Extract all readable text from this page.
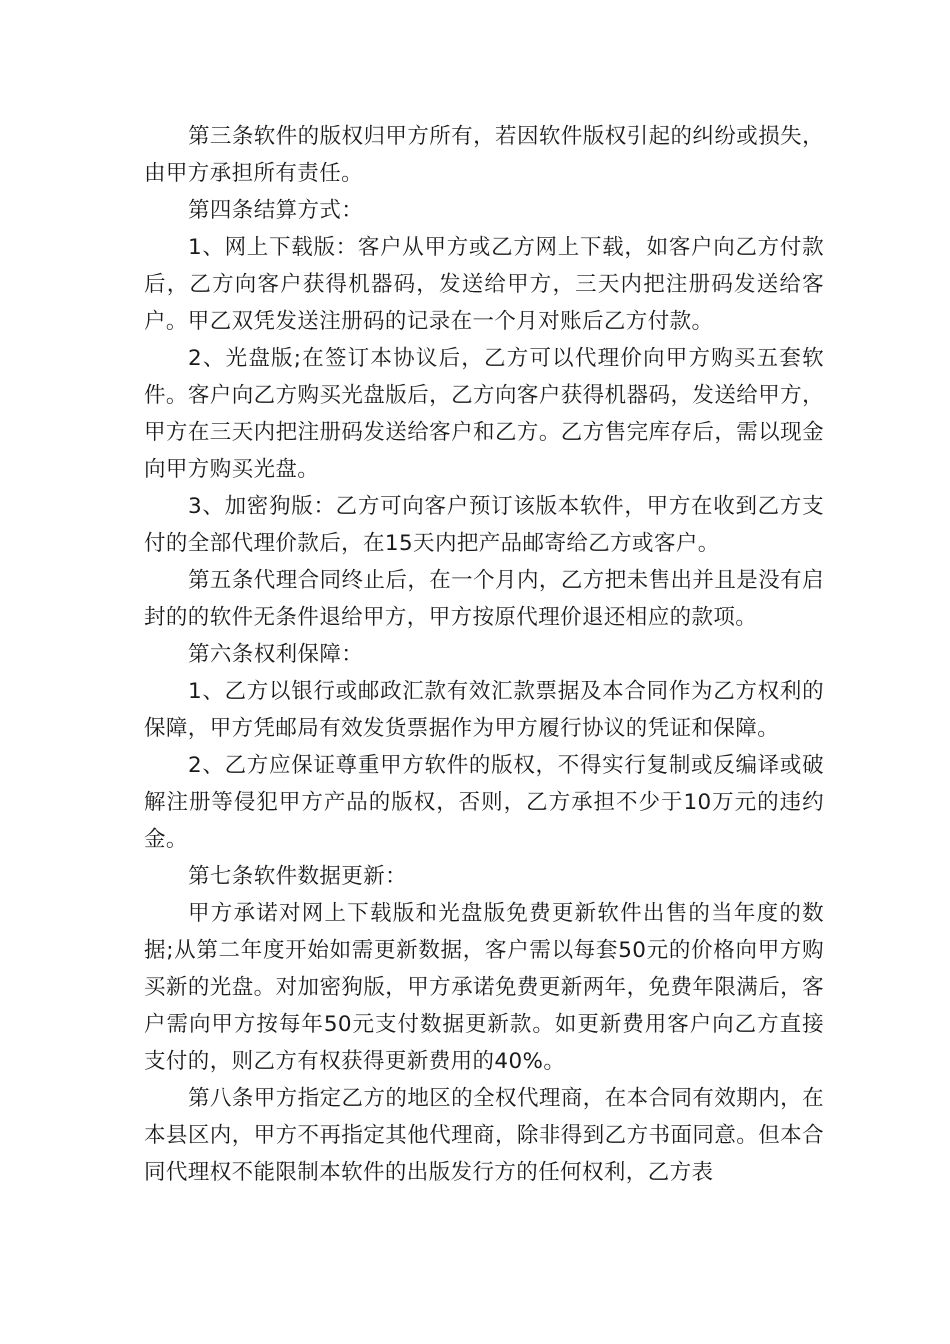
第三条软件的版权归甲方所有，若因软件版权引起的纠纷或损失，由甲方承担所有责任。

第四条结算方式：

1、网上下载版：客户从甲方或乙方网上下载，如客户向乙方付款后，乙方向客户获得机器码，发送给甲方，三天内把注册码发送给客户。甲乙双凭发送注册码的记录在一个月对账后乙方付款。

2、光盘版;在签订本协议后，乙方可以代理价向甲方购买五套软件。客户向乙方购买光盘版后，乙方向客户获得机器码，发送给甲方，甲方在三天内把注册码发送给客户和乙方。乙方售完库存后，需以现金向甲方购买光盘。

3、加密狗版：乙方可向客户预订该版本软件，甲方在收到乙方支付的全部代理价款后，在15天内把产品邮寄给乙方或客户。

第五条代理合同终止后，在一个月内，乙方把未售出并且是没有启封的的软件无条件退给甲方，甲方按原代理价退还相应的款项。

第六条权利保障：

1、乙方以银行或邮政汇款有效汇款票据及本合同作为乙方权利的保障，甲方凭邮局有效发货票据作为甲方履行协议的凭证和保障。

2、乙方应保证尊重甲方软件的版权，不得实行复制或反编译或破解注册等侵犯甲方产品的版权，否则，乙方承担不少于10万元的违约金。

第七条软件数据更新：

甲方承诺对网上下载版和光盘版免费更新软件出售的当年度的数据;从第二年度开始如需更新数据，客户需以每套50元的价格向甲方购买新的光盘。对加密狗版，甲方承诺免费更新两年，免费年限满后，客户需向甲方按每年50元支付数据更新款。如更新费用客户向乙方直接支付的，则乙方有权获得更新费用的40%。

第八条甲方指定乙方的地区的全权代理商，在本合同有效期内，在本县区内，甲方不再指定其他代理商，除非得到乙方书面同意。但本合同代理权不能限制本软件的出版发行方的任何权利，乙方表
